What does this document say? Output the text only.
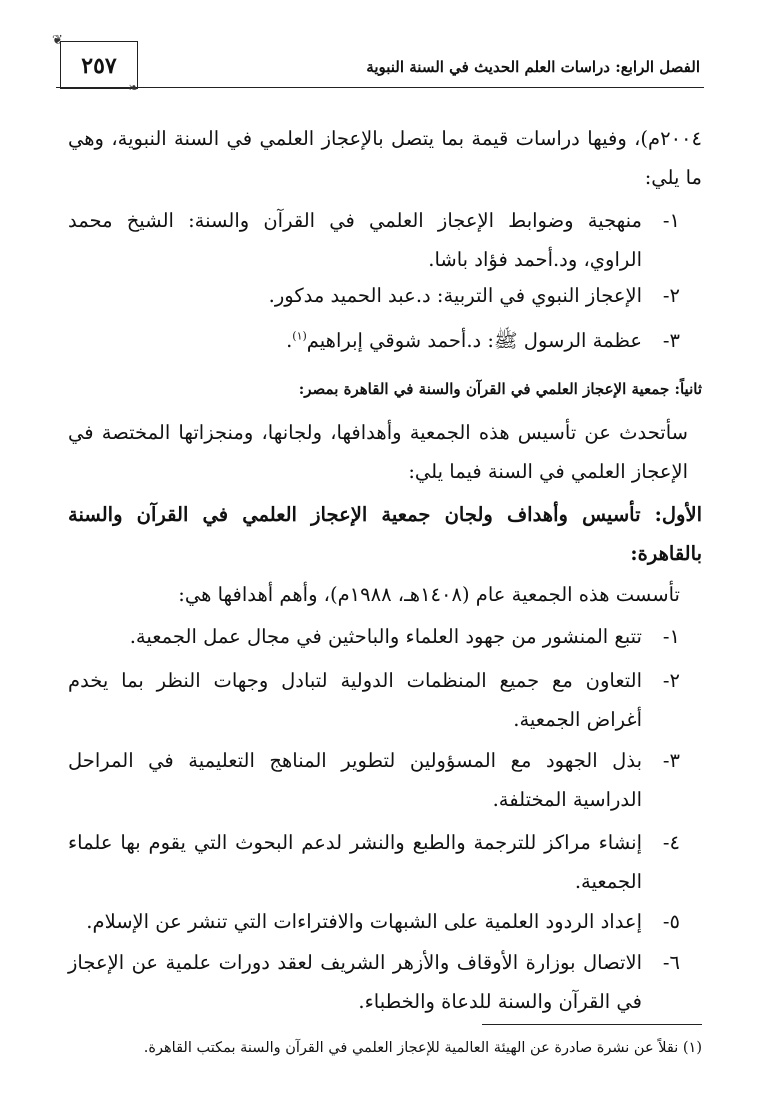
الفصل الرابع: دراسات العلم الحديث في السنة النبوية
٢٥٧
❦
❧
٢٠٠٤م)، وفيها دراسات قيمة بما يتصل بالإعجاز العلمي في السنة النبوية، وهي ما يلي:
١-
منهجية وضوابط الإعجاز العلمي في القرآن والسنة: الشيخ محمد الراوي، ود.أحمد فؤاد باشا.
٢-
الإعجاز النبوي في التربية: د.عبد الحميد مدكور.
٣-
عظمة الرسول ﷺ: د.أحمد شوقي إبراهيم$^{(١)}$.
ثانياً: جمعية الإعجاز العلمي في القرآن والسنة في القاهرة بمصر:
سأتحدث عن تأسيس هذه الجمعية وأهدافها، ولجانها، ومنجزاتها المختصة في الإعجاز العلمي في السنة فيما يلي:
الأول: تأسيس وأهداف ولجان جمعية الإعجاز العلمي في القرآن والسنة بالقاهرة:
تأسست هذه الجمعية عام (١٤٠٨هـ، ١٩٨٨م)، وأهم أهدافها هي:
١-
تتبع المنشور من جهود العلماء والباحثين في مجال عمل الجمعية.
٢-
التعاون مع جميع المنظمات الدولية لتبادل وجهات النظر بما يخدم أغراض الجمعية.
٣-
بذل الجهود مع المسؤولين لتطوير المناهج التعليمية في المراحل الدراسية المختلفة.
٤-
إنشاء مراكز للترجمة والطبع والنشر لدعم البحوث التي يقوم بها علماء الجمعية.
٥-
إعداد الردود العلمية على الشبهات والافتراءات التي تنشر عن الإسلام.
٦-
الاتصال بوزارة الأوقاف والأزهر الشريف لعقد دورات علمية عن الإعجاز في القرآن والسنة للدعاة والخطباء.
(١) نقلاً عن نشرة صادرة عن الهيئة العالمية للإعجاز العلمي في القرآن والسنة بمكتب القاهرة.
